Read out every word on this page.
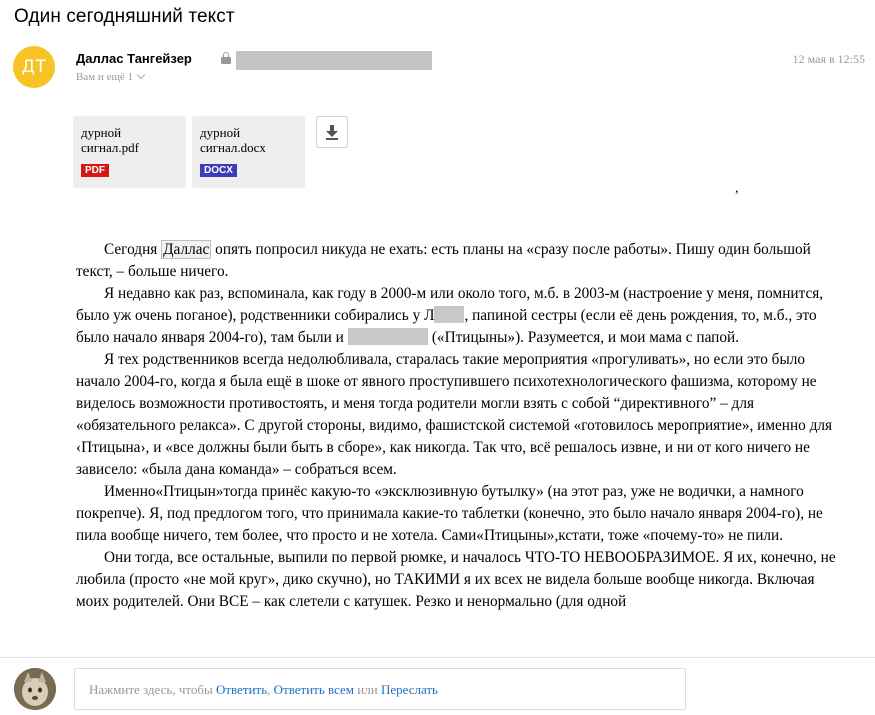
Один сегодняшний текст
ДТ	Даллас Тангейзер	12 мая в 12:55
Вам и ещё 1
дурной
сигнал.pdf
PDF
дурной
сигнал.docx
DOCX
,

Сегодня Даллас опять попросил никуда не ехать: есть планы на «сразу после работы». Пишу один большой текст, – больше ничего.

Я недавно как раз, вспоминала, как году в 2000-м или около того, м.б. в 2003-м (настроение у меня, помнится, было уж очень поганое), родственники собирались у Л , папиной сестры (если её день рождения, то, м.б., это было начало января 2004-го), там были и	(«Птицыны»). Разумеется, и мои мама с папой.

Я тех родственников всегда недолюбливала, старалась такие мероприятия «прогуливать», но если это было начало 2004-го, когда я была ещё в шоке от явного проступившего психотехнологического фашизма, которому не виделось возможности противостоять, и меня тогда родители могли взять с собой “директивного” – для «обязательного релакса». С другой стороны, видимо, фашистской системой «готовилось мероприятие», именно для ‹Птицына›, и «все должны были быть в сборе», как никогда. Так что, всё решалось извне, и ни от кого ничего не зависело: «была дана команда» – собраться всем.

Именно«Птицын»тогда принёс какую-то «эксклюзивную бутылку» (на этот раз, уже не водички, а намного покрепче). Я, под предлогом того, что принимала какие-то таблетки (конечно, это было начало января 2004-го), не пила вообще ничего, тем более, что просто и не хотела. Сами«Птицыны»,кстати, тоже «почему-то» не пили.

Они тогда, все остальные, выпили по первой рюмке, и началось ЧТО-ТО НЕВООБРАЗИМОЕ. Я их, конечно, не любила (просто «не мой круг», дико скучно), но ТАКИМИ я их всех не видела больше вообще никогда. Включая моих родителей. Они ВСЕ – как слетели с катушек. Резко и ненормально (для одной

Нажмите здесь, чтобы Ответить, Ответить всем или Переслать
